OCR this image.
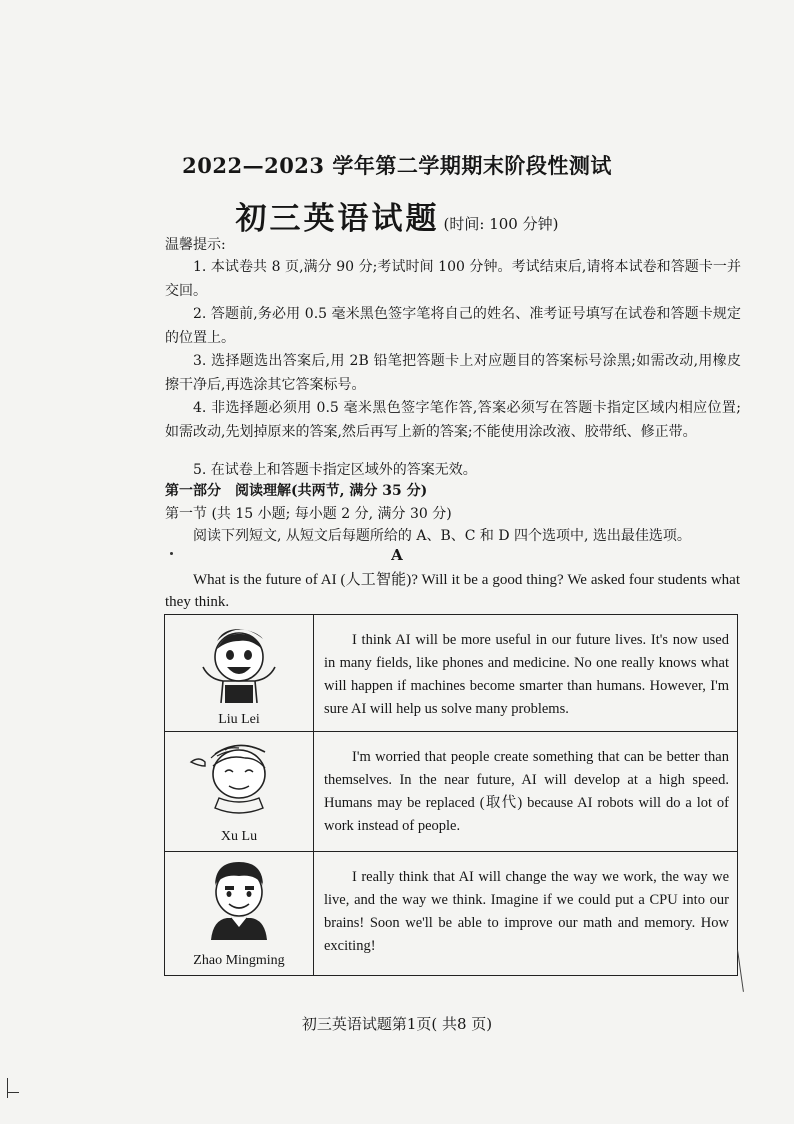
2022—2023 学年第二学期期末阶段性测试
初三英语试题 (时间: 100 分钟)
温馨提示:
1. 本试卷共 8 页,满分 90 分;考试时间 100 分钟。考试结束后,请将本试卷和答题卡一并交回。
2. 答题前,务必用 0.5 毫米黑色签字笔将自己的姓名、准考证号填写在试卷和答题卡规定的位置上。
3. 选择题选出答案后,用 2B 铅笔把答题卡上对应题目的答案标号涂黑;如需改动,用橡皮擦干净后,再选涂其它答案标号。
4. 非选择题必须用 0.5 毫米黑色签字笔作答,答案必须写在答题卡指定区域内相应位置;如需改动,先划掉原来的答案,然后再写上新的答案;不能使用涂改液、胶带纸、修正带。
5. 在试卷上和答题卡指定区域外的答案无效。
第一部分　阅读理解(共两节, 满分 35 分)
第一节 (共 15 小题; 每小题 2 分, 满分 30 分)
阅读下列短文, 从短文后每题所给的 A、B、C 和 D 四个选项中, 选出最佳选项。
A
What is the future of AI (人工智能)? Will it be a good thing? We asked four students what they think.
Liu Lei	I think AI will be more useful in our future lives. It's now used in many fields, like phones and medicine. No one really knows what will happen if machines become smarter than humans. However, I'm sure AI will help us solve many problems.

Xu Lu	I'm worried that people create something that can be better than themselves. In the near future, AI will develop at a high speed. Humans may be replaced (取代) because AI robots will do a lot of work instead of people.

Zhao Mingming	I really think that AI will change the way we work, the way we live, and the way we think. Imagine if we could put a CPU into our brains! Soon we'll be able to improve our math and memory. How exciting!
初三英语试题第1页( 共8 页)
